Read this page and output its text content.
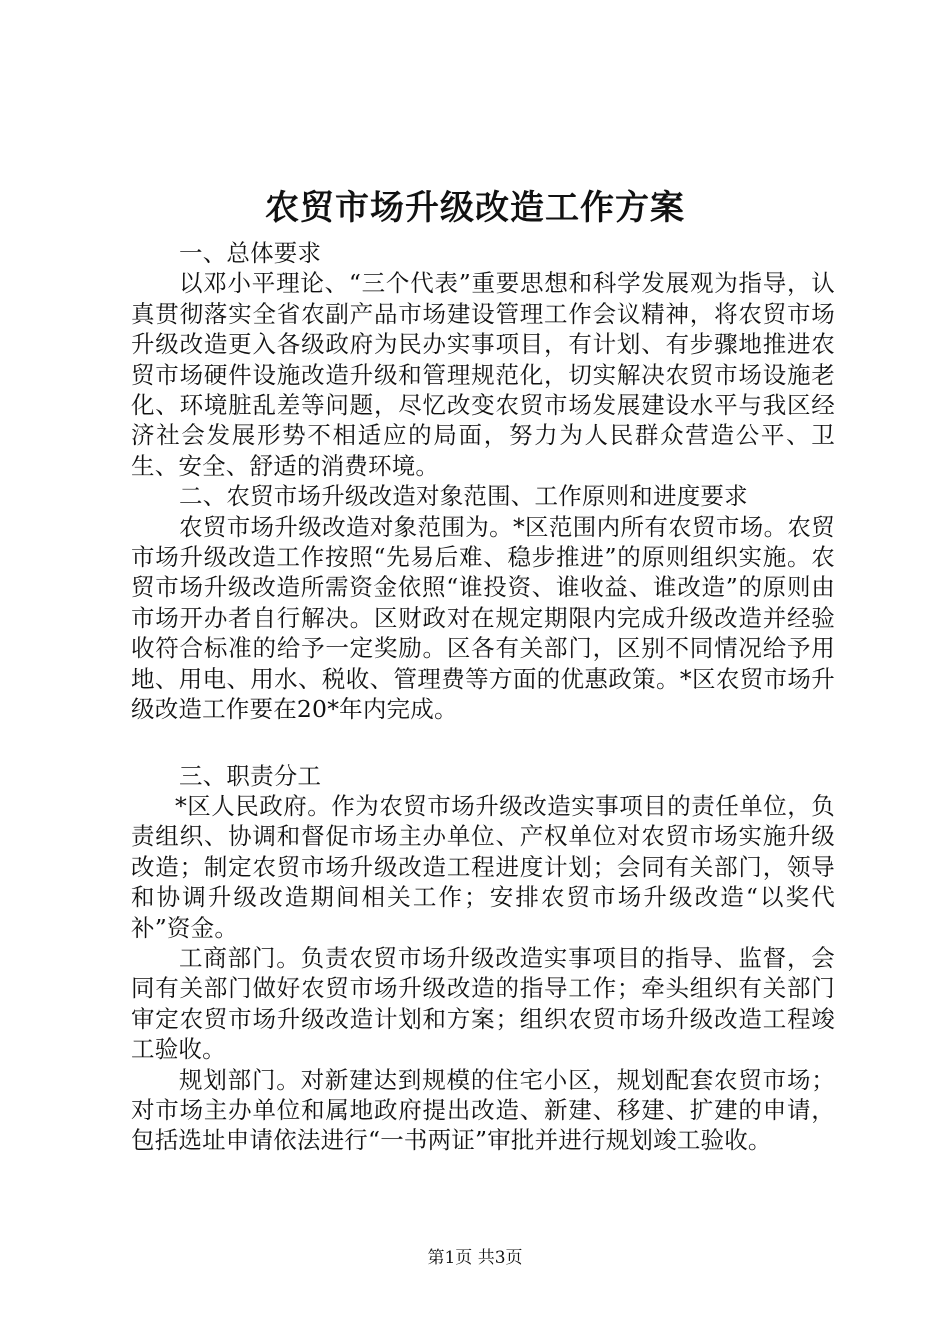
农贸市场升级改造工作方案

一、总体要求

以邓小平理论、“三个代表”重要思想和科学发展观为指导，认真贯彻落实全省农副产品市场建设管理工作会议精神，将农贸市场升级改造更入各级政府为民办实事项目，有计划、有步骤地推进农贸市场硬件设施改造升级和管理规范化，切实解决农贸市场设施老化、环境脏乱差等问题，尽忆改变农贸市场发展建设水平与我区经济社会发展形势不相适应的局面，努力为人民群众营造公平、卫生、安全、舒适的消费环境。

二、农贸市场升级改造对象范围、工作原则和进度要求

农贸市场升级改造对象范围为。*区范围内所有农贸市场。农贸市场升级改造工作按照“先易后难、稳步推进”的原则组织实施。农贸市场升级改造所需资金依照“谁投资、谁收益、谁改造”的原则由市场开办者自行解决。区财政对在规定期限内完成升级改造并经验收符合标准的给予一定奖励。区各有关部门，区别不同情况给予用地、用电、用水、税收、管理费等方面的优惠政策。*区农贸市场升级改造工作要在20*年内完成。

三、职责分工

*区人民政府。作为农贸市场升级改造实事项目的责任单位，负责组织、协调和督促市场主办单位、产权单位对农贸市场实施升级改造；制定农贸市场升级改造工程进度计划；会同有关部门，领导和协调升级改造期间相关工作；安排农贸市场升级改造“以奖代补”资金。

工商部门。负责农贸市场升级改造实事项目的指导、监督，会同有关部门做好农贸市场升级改造的指导工作；牵头组织有关部门审定农贸市场升级改造计划和方案；组织农贸市场升级改造工程竣工验收。

规划部门。对新建达到规模的住宅小区，规划配套农贸市场；对市场主办单位和属地政府提出改造、新建、移建、扩建的申请，包括选址申请依法进行“一书两证”审批并进行规划竣工验收。

第1页 共3页
